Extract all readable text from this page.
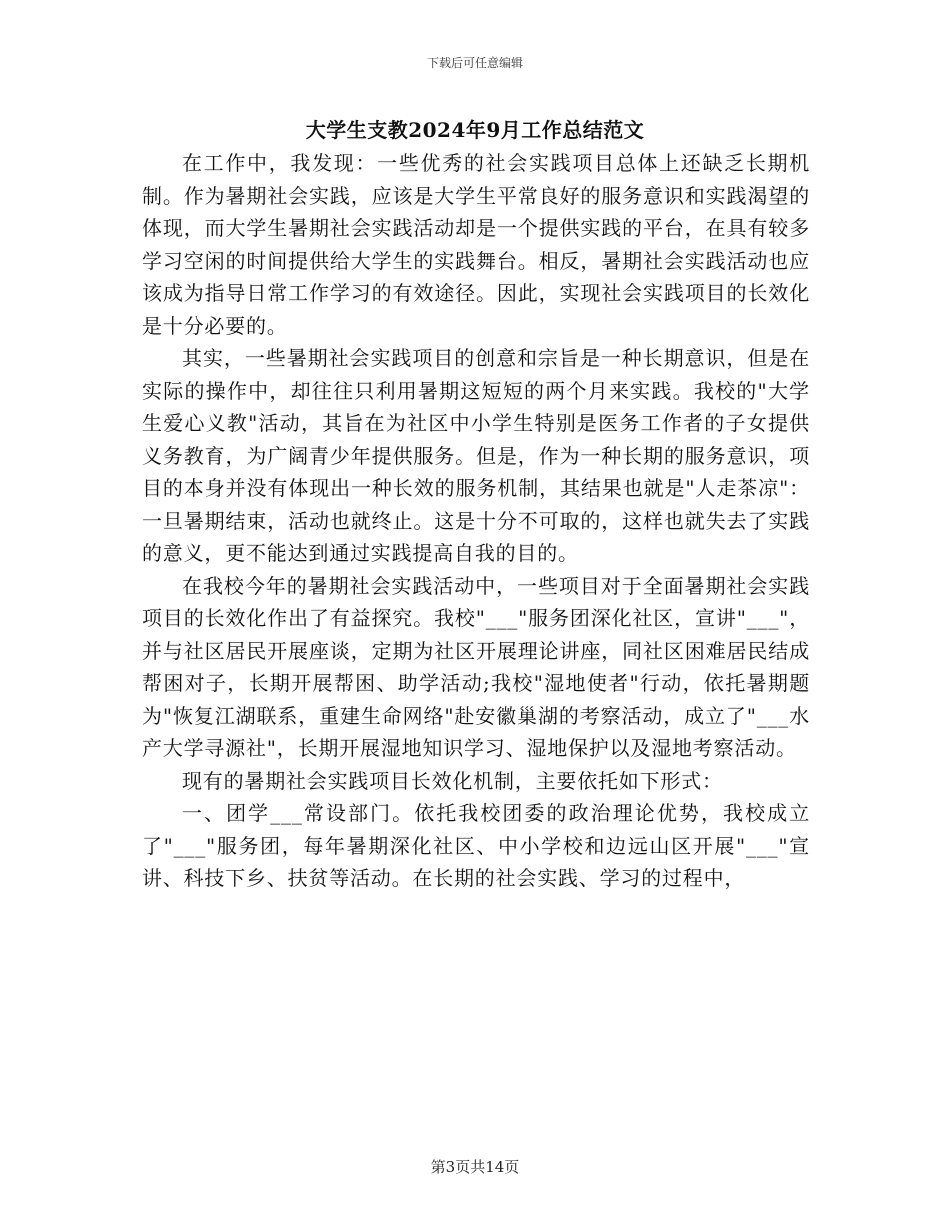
下载后可任意编辑
大学生支教2024年9月工作总结范文

在工作中，我发现：一些优秀的社会实践项目总体上还缺乏长期机制。作为暑期社会实践，应该是大学生平常良好的服务意识和实践渴望的体现，而大学生暑期社会实践活动却是一个提供实践的平台，在具有较多学习空闲的时间提供给大学生的实践舞台。相反，暑期社会实践活动也应该成为指导日常工作学习的有效途径。因此，实现社会实践项目的长效化是十分必要的。

其实，一些暑期社会实践项目的创意和宗旨是一种长期意识，但是在实际的操作中，却往往只利用暑期这短短的两个月来实践。我校的"大学生爱心义教"活动，其旨在为社区中小学生特别是医务工作者的子女提供义务教育，为广阔青少年提供服务。但是，作为一种长期的服务意识，项目的本身并没有体现出一种长效的服务机制，其结果也就是"人走茶凉"：一旦暑期结束，活动也就终止。这是十分不可取的，这样也就失去了实践的意义，更不能达到通过实践提高自我的目的。

在我校今年的暑期社会实践活动中，一些项目对于全面暑期社会实践项目的长效化作出了有益探究。我校"___"服务团深化社区，宣讲"___"，并与社区居民开展座谈，定期为社区开展理论讲座，同社区困难居民结成帮困对子，长期开展帮困、助学活动;我校"湿地使者"行动，依托暑期题为"恢复江湖联系，重建生命网络"赴安徽巢湖的考察活动，成立了"___水产大学寻源社"，长期开展湿地知识学习、湿地保护以及湿地考察活动。

现有的暑期社会实践项目长效化机制，主要依托如下形式：

一、团学___常设部门。依托我校团委的政治理论优势，我校成立了"___"服务团，每年暑期深化社区、中小学校和边远山区开展"___"宣讲、科技下乡、扶贫等活动。在长期的社会实践、学习的过程中，

第3页共14页
